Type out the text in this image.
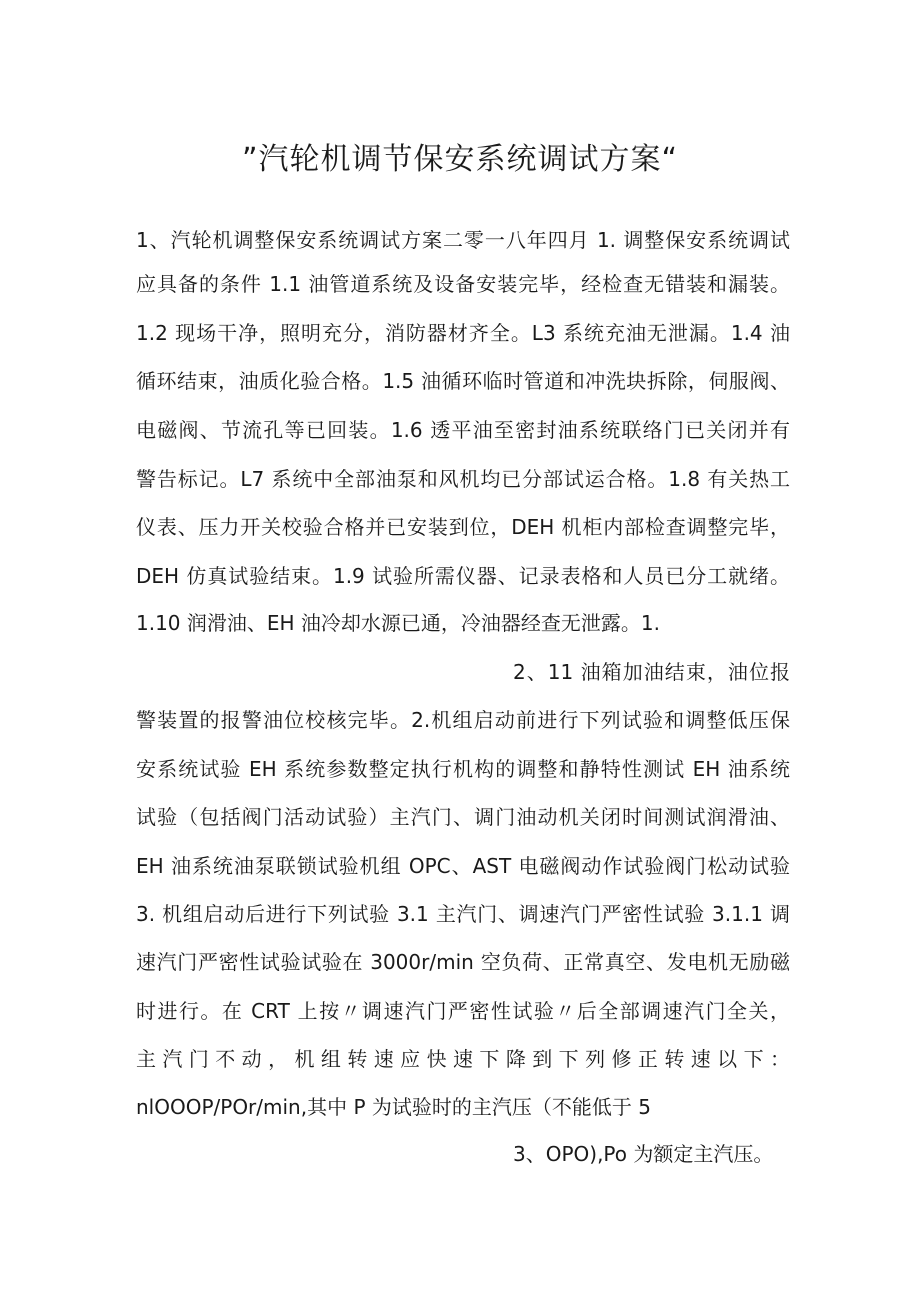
”汽轮机调节保安系统调试方案“
1、汽轮机调整保安系统调试方案二零一八年四月 1. 调整保安系统调试
应具备的条件 1.1 油管道系统及设备安装完毕，经检查无错装和漏装。
1.2 现场干净，照明充分，消防器材齐全。L3 系统充油无泄漏。1.4 油
循环结束，油质化验合格。1.5 油循环临时管道和冲洗块拆除，伺服阀、
电磁阀、节流孔等已回装。1.6 透平油至密封油系统联络门已关闭并有
警告标记。L7 系统中全部油泵和风机均已分部试运合格。1.8 有关热工
仪表、压力开关校验合格并已安装到位，DEH 机柜内部检查调整完毕，
DEH 仿真试验结束。1.9 试验所需仪器、记录表格和人员已分工就绪。
1.10 润滑油、EH 油冷却水源已通，冷油器经查无泄露。1.
2、11 油箱加油结束，油位报
警装置的报警油位校核完毕。2.机组启动前进行下列试验和调整低压保
安系统试验 EH 系统参数整定执行机构的调整和静特性测试 EH 油系统
试验（包括阀门活动试验）主汽门、调门油动机关闭时间测试润滑油、
EH 油系统油泵联锁试验机组 OPC、AST 电磁阀动作试验阀门松动试验
3. 机组启动后进行下列试验 3.1 主汽门、调速汽门严密性试验 3.1.1 调
速汽门严密性试验试验在 3000r/min 空负荷、正常真空、发电机无励磁
时进行。在 CRT 上按〃调速汽门严密性试验〃后全部调速汽门全关，
主汽门不动，机组转速应快速下降到下列修正转速以下：
nlOOOP/POr/min,其中 P 为试验时的主汽压（不能低于 5
3、OPO),Po 为额定主汽压。
